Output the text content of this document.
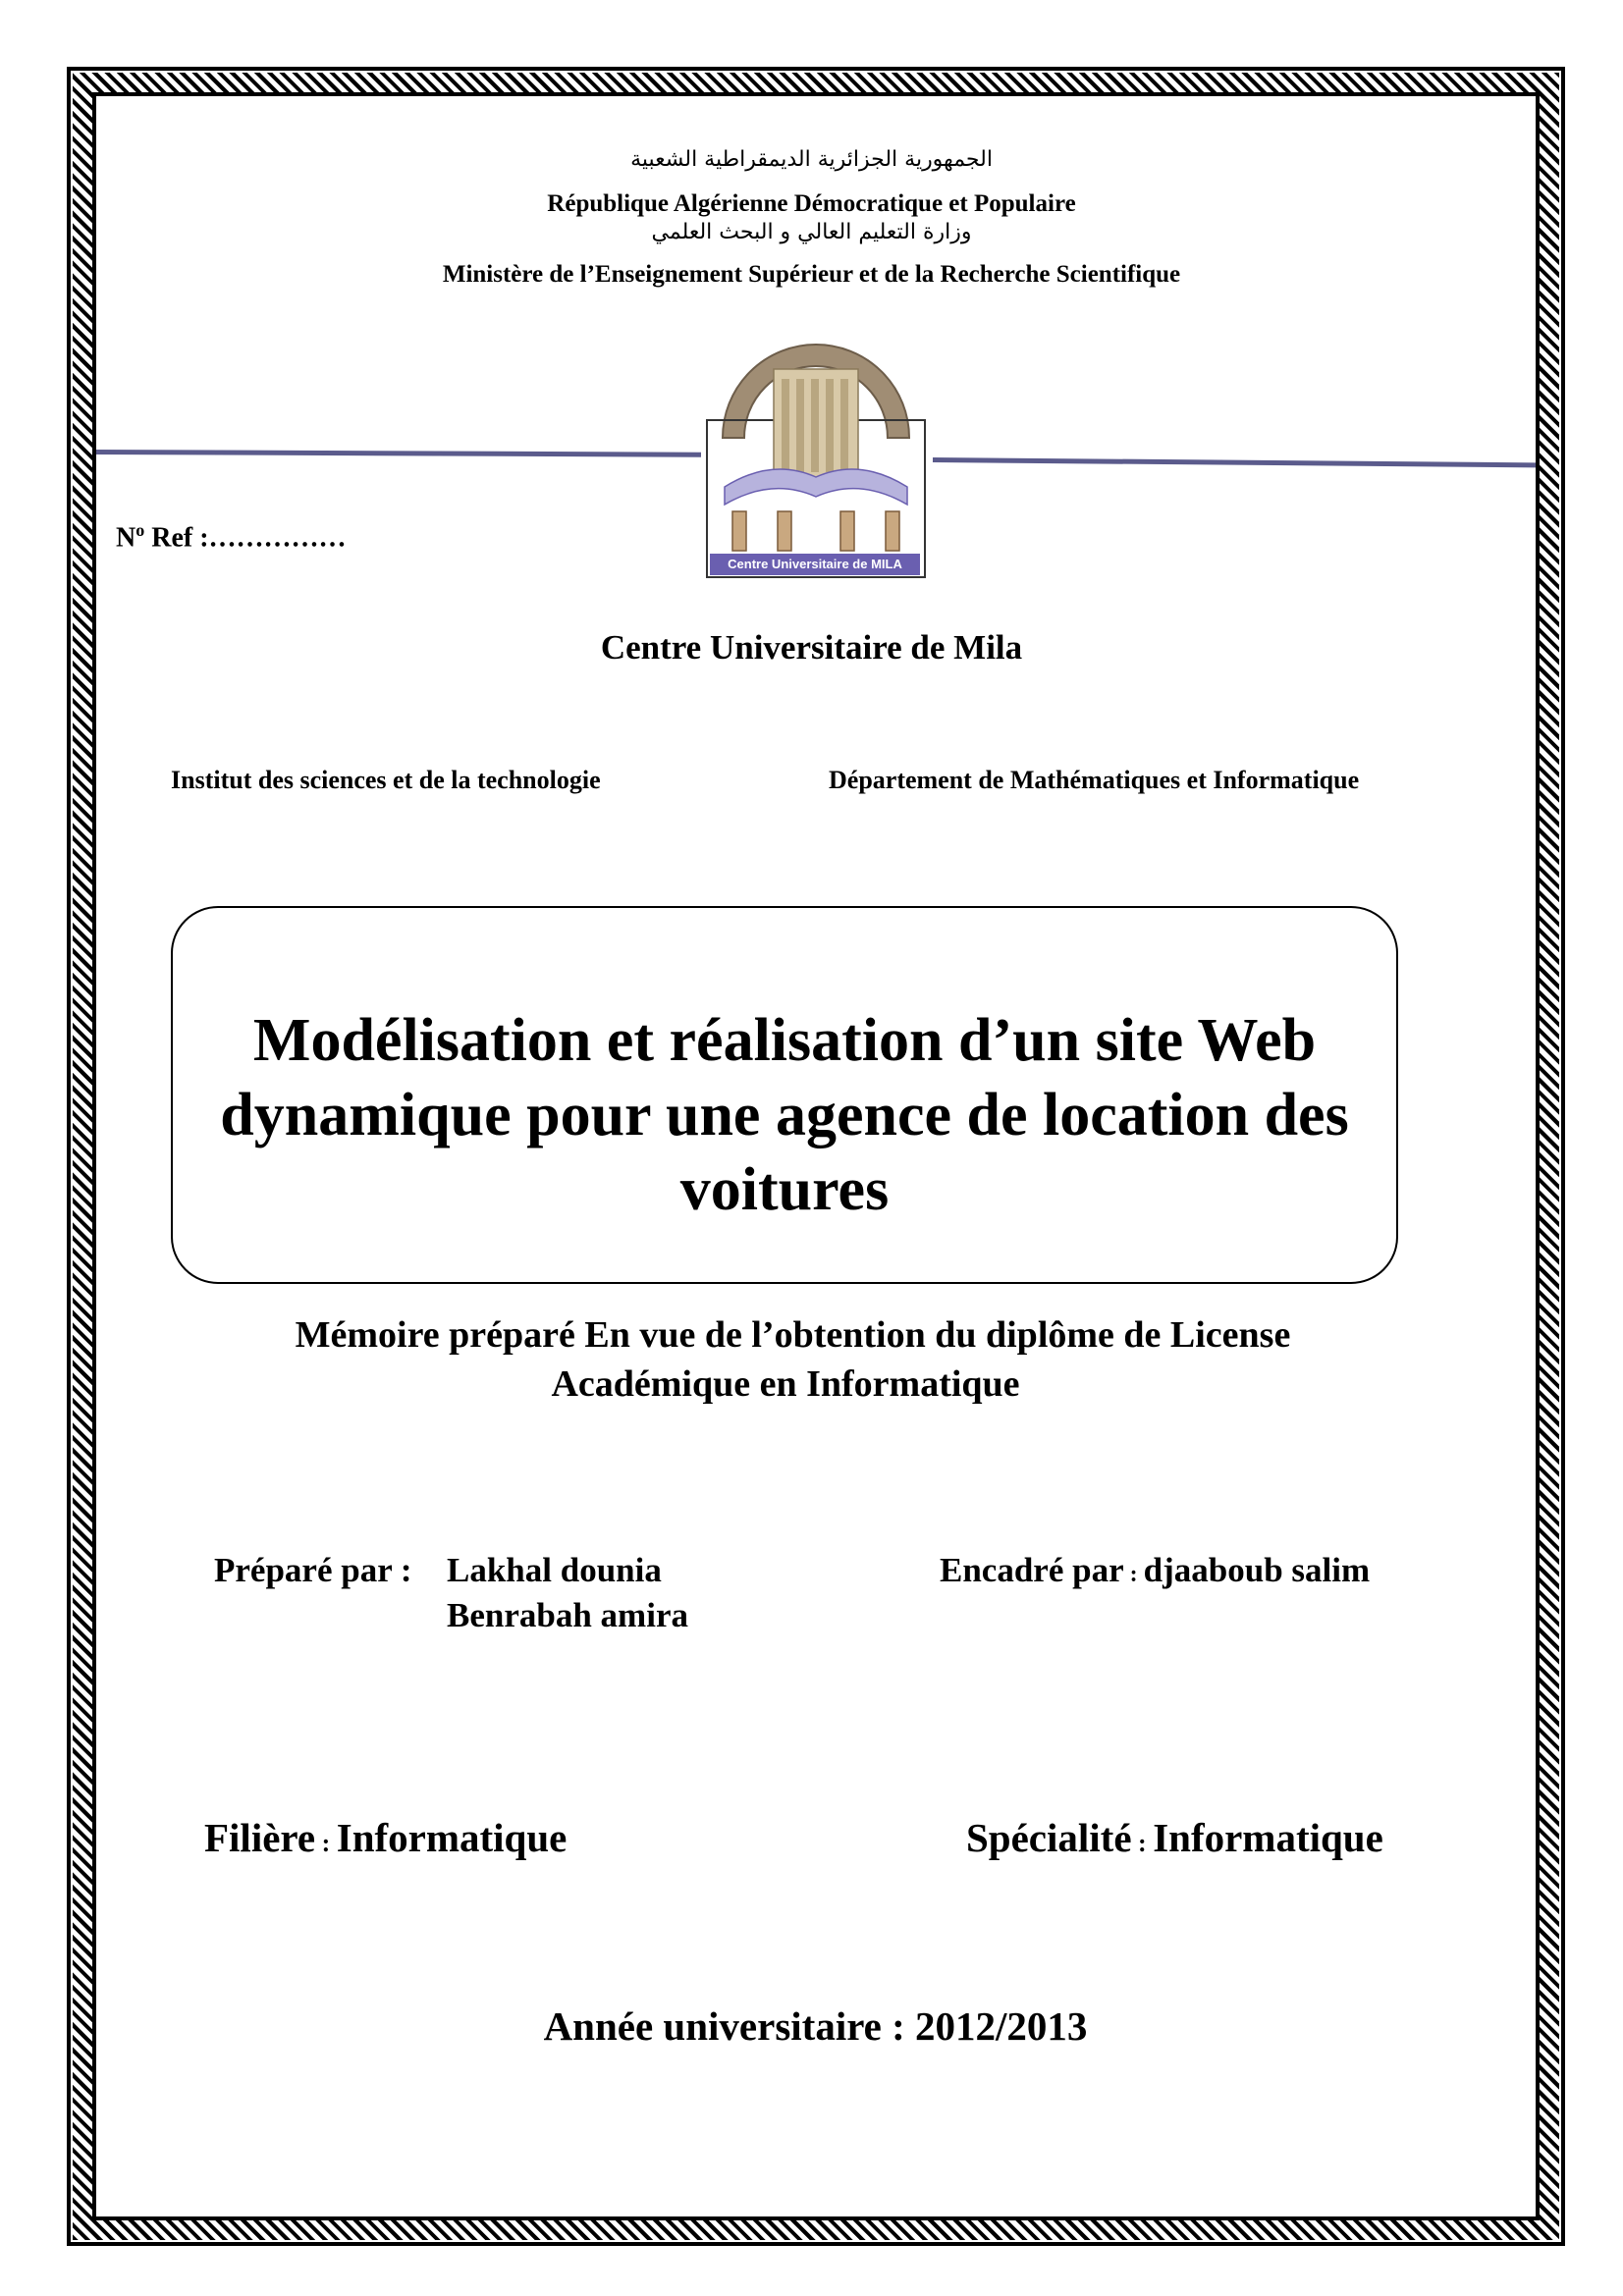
الجمهورية الجزائرية الديمقراطية الشعبية
République Algérienne Démocratique et Populaire
وزارة التعليم العالي و البحث العلمي
Ministère de l’Enseignement Supérieur et de la Recherche Scientifique
Centre Universitaire de MILA
$N^o$ Ref :……………
Centre Universitaire de Mila
Institut des sciences et de la technologie	Département de Mathématiques et Informatique
Modélisation et réalisation d’un site Web dynamique pour une agence de location des voitures
Mémoire préparé En vue de l’obtention du diplôme de License
Académique en Informatique
Préparé par : Lakhal dounia
Benrabah amira
Encadré par : djaaboub salim
Filière : Informatique	Spécialité : Informatique
Année universitaire : 2012/2013
